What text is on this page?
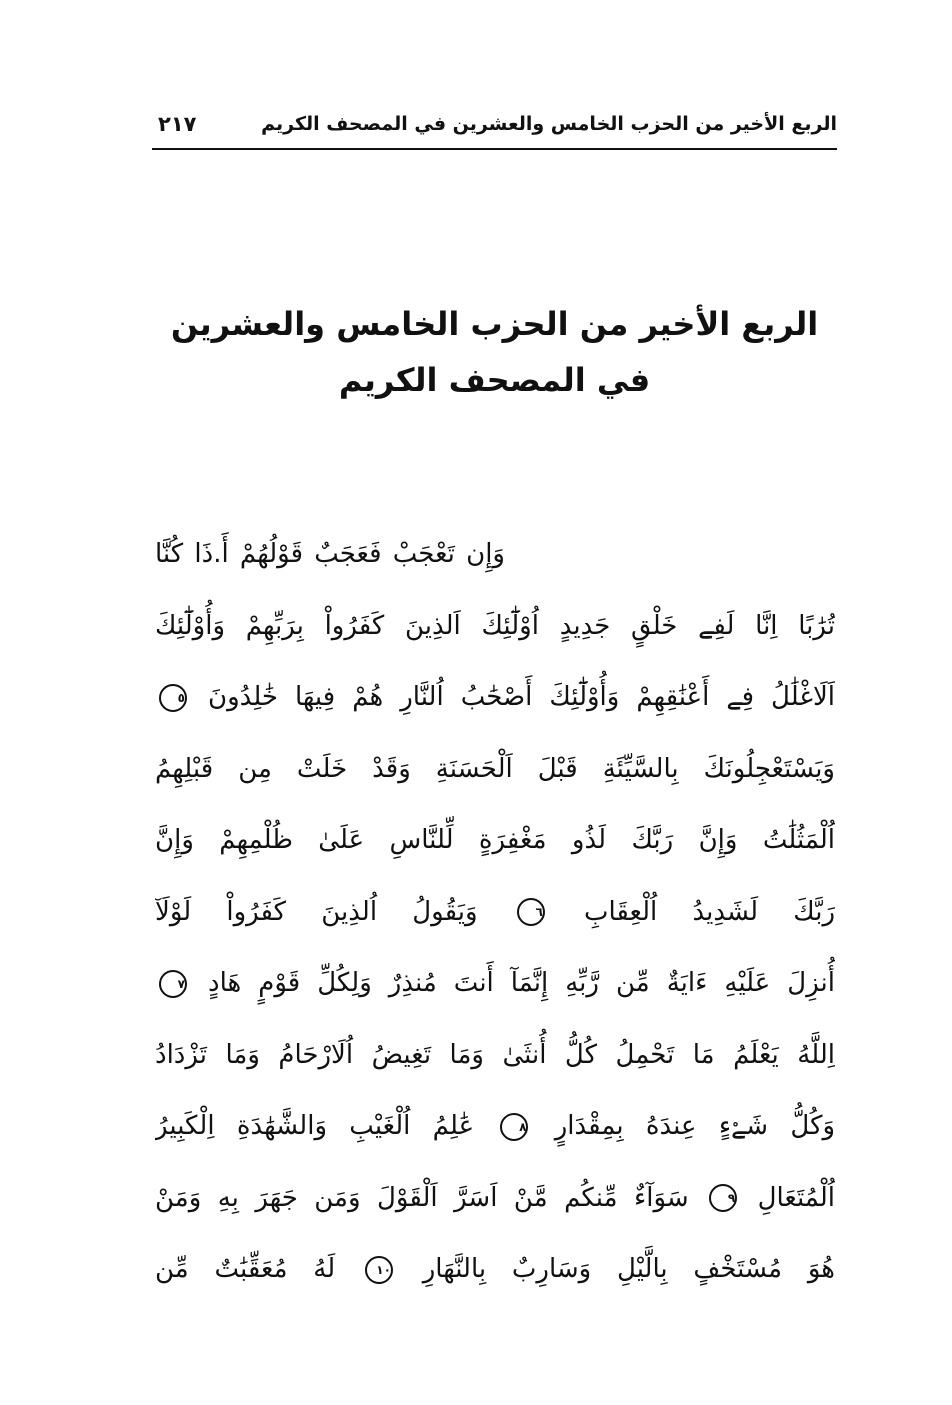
الربع الأخير من الحزب الخامس والعشرين في المصحف الكريم
٢١٧
الربع الأخير من الحزب الخامس والعشرين
في المصحف الكريم
وَإِن تَعْجَبْ فَعَجَبٌ قَوْلُهُمْ أَ.ذَا كُنَّا
تُرَٰبًا اِنَّا لَفِے خَلْقٍ جَدِيدٍ اُوْلَٰٓئِكَ اَلذِينَ كَفَرُواْ بِرَبِّهِمْ وَأُوْلَٰٓئِكَ
اَلَاغْلَٰلُ فِے أَعْنَٰقِهِمْ وَأُوْلَٰٓئِكَ أَصْحَٰبُ اُلنَّارِ هُمْ فِيهَا خَٰلِدُونَ ٥
وَيَسْتَعْجِلُونَكَ بِالسَّيِّئَةِ قَبْلَ اَلْحَسَنَةِ وَقَدْ خَلَتْ مِن قَبْلِهِمُ
اُلْمَثُلَٰتُ وَإِنَّ رَبَّكَ لَذُو مَغْفِرَةٍ لِّلنَّاسِ عَلَىٰ ظُلْمِهِمْ وَإِنَّ
رَبَّكَ لَشَدِيدُ اُلْعِقَابِ ٦ وَيَقُولُ اُلذِينَ كَفَرُواْ لَوْلَآ
أُنزِلَ عَلَيْهِ ءَايَةٌ مِّن رَّبِّهِ إِنَّمَآ أَنتَ مُنذِرٌ وَلِكُلِّ قَوْمٍ هَادٍ ٧
اِللَّهُ يَعْلَمُ مَا تَحْمِلُ كُلُّ أُنثَىٰ وَمَا تَغِيضُ اُلَارْحَامُ وَمَا تَزْدَادُ
وَكُلُّ شَےْءٍ عِندَهُ بِمِقْدَارٍ ٨ عَٰلِمُ اُلْغَيْبِ وَالشَّهَٰدَةِ اِلْكَبِيرُ
اُلْمُتَعَالِ ٩ سَوَآءٌ مِّنكُم مَّنْ اَسَرَّ اَلْقَوْلَ وَمَن جَهَرَ بِهِ وَمَنْ
هُوَ مُسْتَخْفٍ بِالَّيْلِ وَسَارِبٌ بِالنَّهَارِ ١٠ لَهُ مُعَقِّبَٰتٌ مِّن
